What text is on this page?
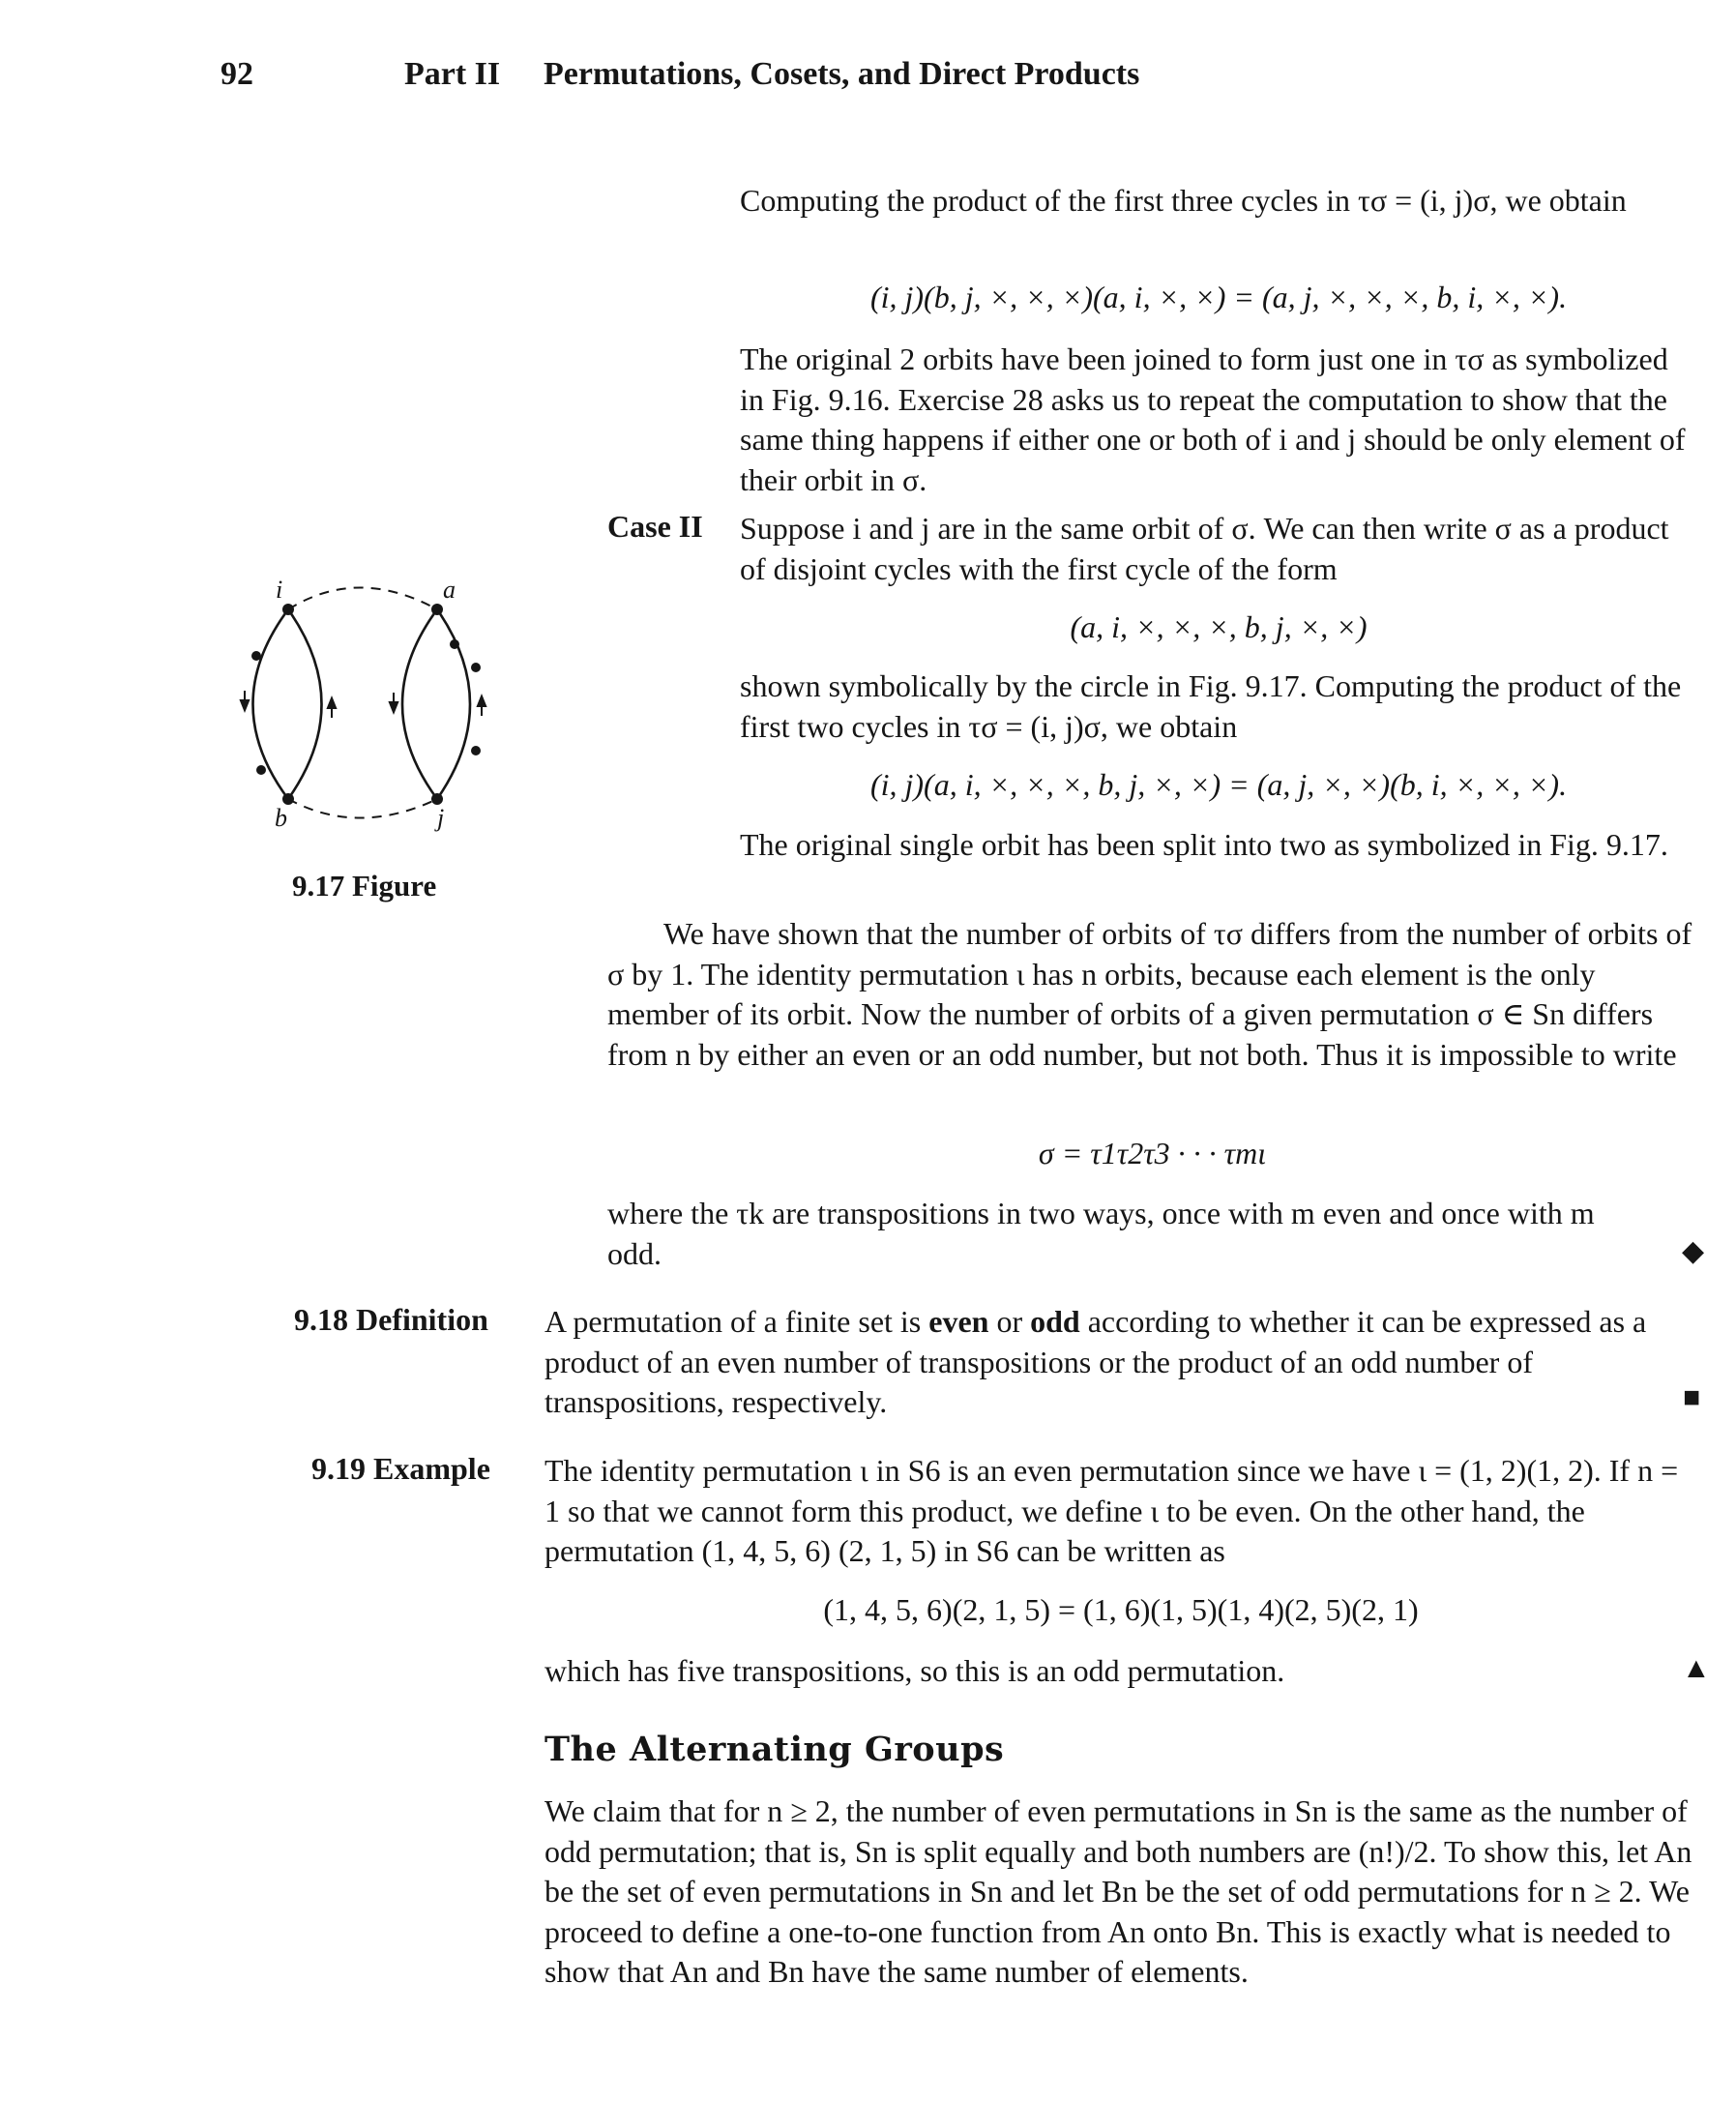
92	Part II Permutations, Cosets, and Direct Products

Computing the product of the first three cycles in τσ = (i, j)σ, we obtain

(i, j)(b, j, ×, ×, ×)(a, i, ×, ×) = (a, j, ×, ×, ×, b, i, ×, ×).

The original 2 orbits have been joined to form just one in τσ as symbolized in Fig. 9.16. Exercise 28 asks us to repeat the computation to show that the same thing happens if either one or both of i and j should be only element of their orbit in σ.

Case II Suppose i and j are in the same orbit of σ. We can then write σ as a product of disjoint cycles with the first cycle of the form

(a, i, ×, ×, ×, b, j, ×, ×)

shown symbolically by the circle in Fig. 9.17. Computing the product of the first two cycles in τσ = (i, j)σ, we obtain

(i, j)(a, i, ×, ×, ×, b, j, ×, ×) = (a, j, ×, ×)(b, i, ×, ×, ×).

The original single orbit has been split into two as symbolized in Fig. 9.17.

i	a
b	j
9.17 Figure

We have shown that the number of orbits of τσ differs from the number of orbits of σ by 1. The identity permutation ι has n orbits, because each element is the only member of its orbit. Now the number of orbits of a given permutation σ ∈ Sn differs from n by either an even or an odd number, but not both. Thus it is impossible to write

σ = τ1τ2τ3 · · · τmι

where the τk are transpositions in two ways, once with m even and once with m odd.	◆
9.18 Definition A permutation of a finite set is even or odd according to whether it can be expressed as a product of an even number of transpositions or the product of an odd number of transpositions, respectively.	■
9.19 Example The identity permutation ι in S6 is an even permutation since we have ι = (1, 2)(1, 2). If n = 1 so that we cannot form this product, we define ι to be even. On the other hand, the permutation (1, 4, 5, 6) (2, 1, 5) in S6 can be written as

(1, 4, 5, 6)(2, 1, 5) = (1, 6)(1, 5)(1, 4)(2, 5)(2, 1)

which has five transpositions, so this is an odd permutation.	▲
The Alternating Groups

We claim that for n ≥ 2, the number of even permutations in Sn is the same as the number of odd permutation; that is, Sn is split equally and both numbers are (n!)/2. To show this, let An be the set of even permutations in Sn and let Bn be the set of odd permutations for n ≥ 2. We proceed to define a one-to-one function from An onto Bn. This is exactly what is needed to show that An and Bn have the same number of elements.
